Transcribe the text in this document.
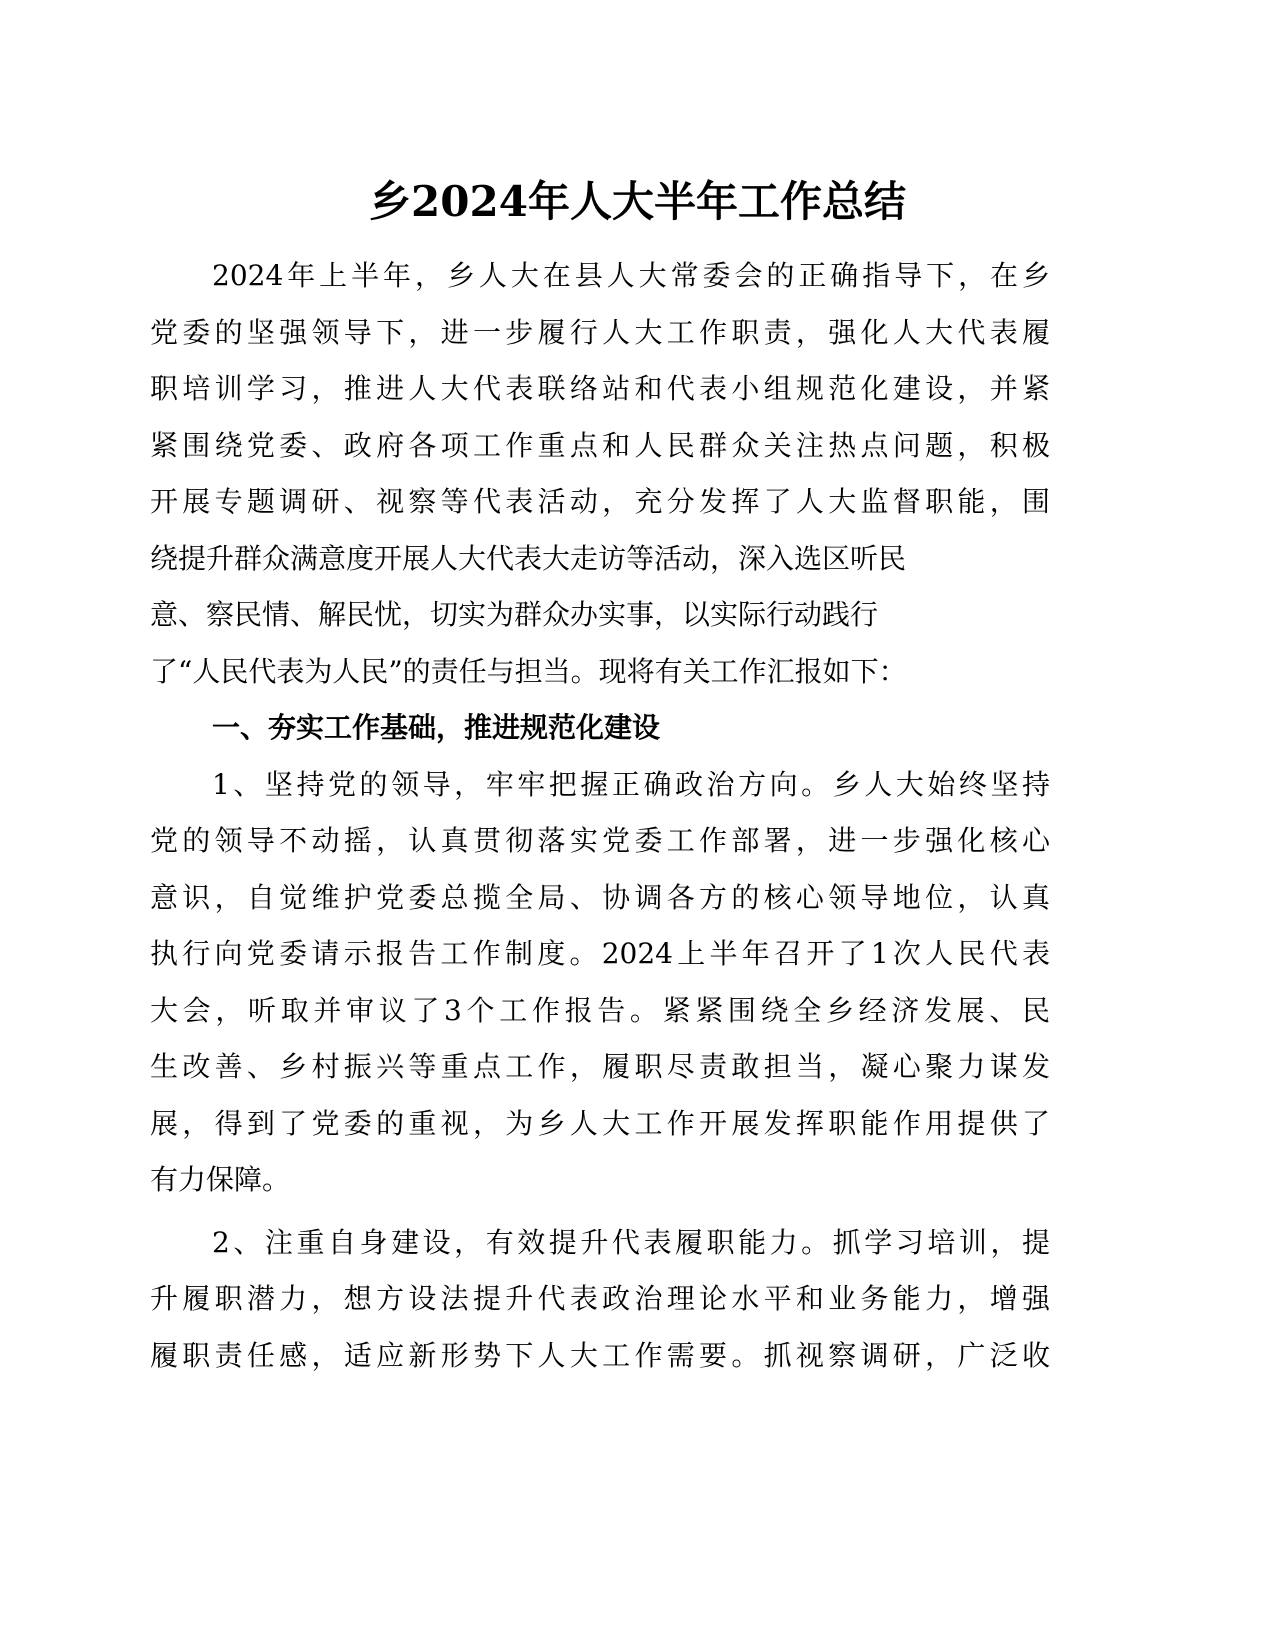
乡2024年人大半年工作总结
2024年上半年，乡人大在县人大常委会的正确指导下，在乡
党委的坚强领导下，进一步履行人大工作职责，强化人大代表履
职培训学习，推进人大代表联络站和代表小组规范化建设，并紧
紧围绕党委、政府各项工作重点和人民群众关注热点问题，积极
开展专题调研、视察等代表活动，充分发挥了人大监督职能，围
绕提升群众满意度开展人大代表大走访等活动，深入选区听民
意、察民情、解民忧，切实为群众办实事，以实际行动践行
了“人民代表为人民”的责任与担当。现将有关工作汇报如下：
一、夯实工作基础，推进规范化建设
1、坚持党的领导，牢牢把握正确政治方向。乡人大始终坚持
党的领导不动摇，认真贯彻落实党委工作部署，进一步强化核心
意识，自觉维护党委总揽全局、协调各方的核心领导地位，认真
执行向党委请示报告工作制度。2024上半年召开了1次人民代表
大会，听取并审议了3个工作报告。紧紧围绕全乡经济发展、民
生改善、乡村振兴等重点工作，履职尽责敢担当，凝心聚力谋发
展，得到了党委的重视，为乡人大工作开展发挥职能作用提供了
有力保障。
2、注重自身建设，有效提升代表履职能力。抓学习培训，提
升履职潜力，想方设法提升代表政治理论水平和业务能力，增强
履职责任感，适应新形势下人大工作需要。抓视察调研，广泛收
